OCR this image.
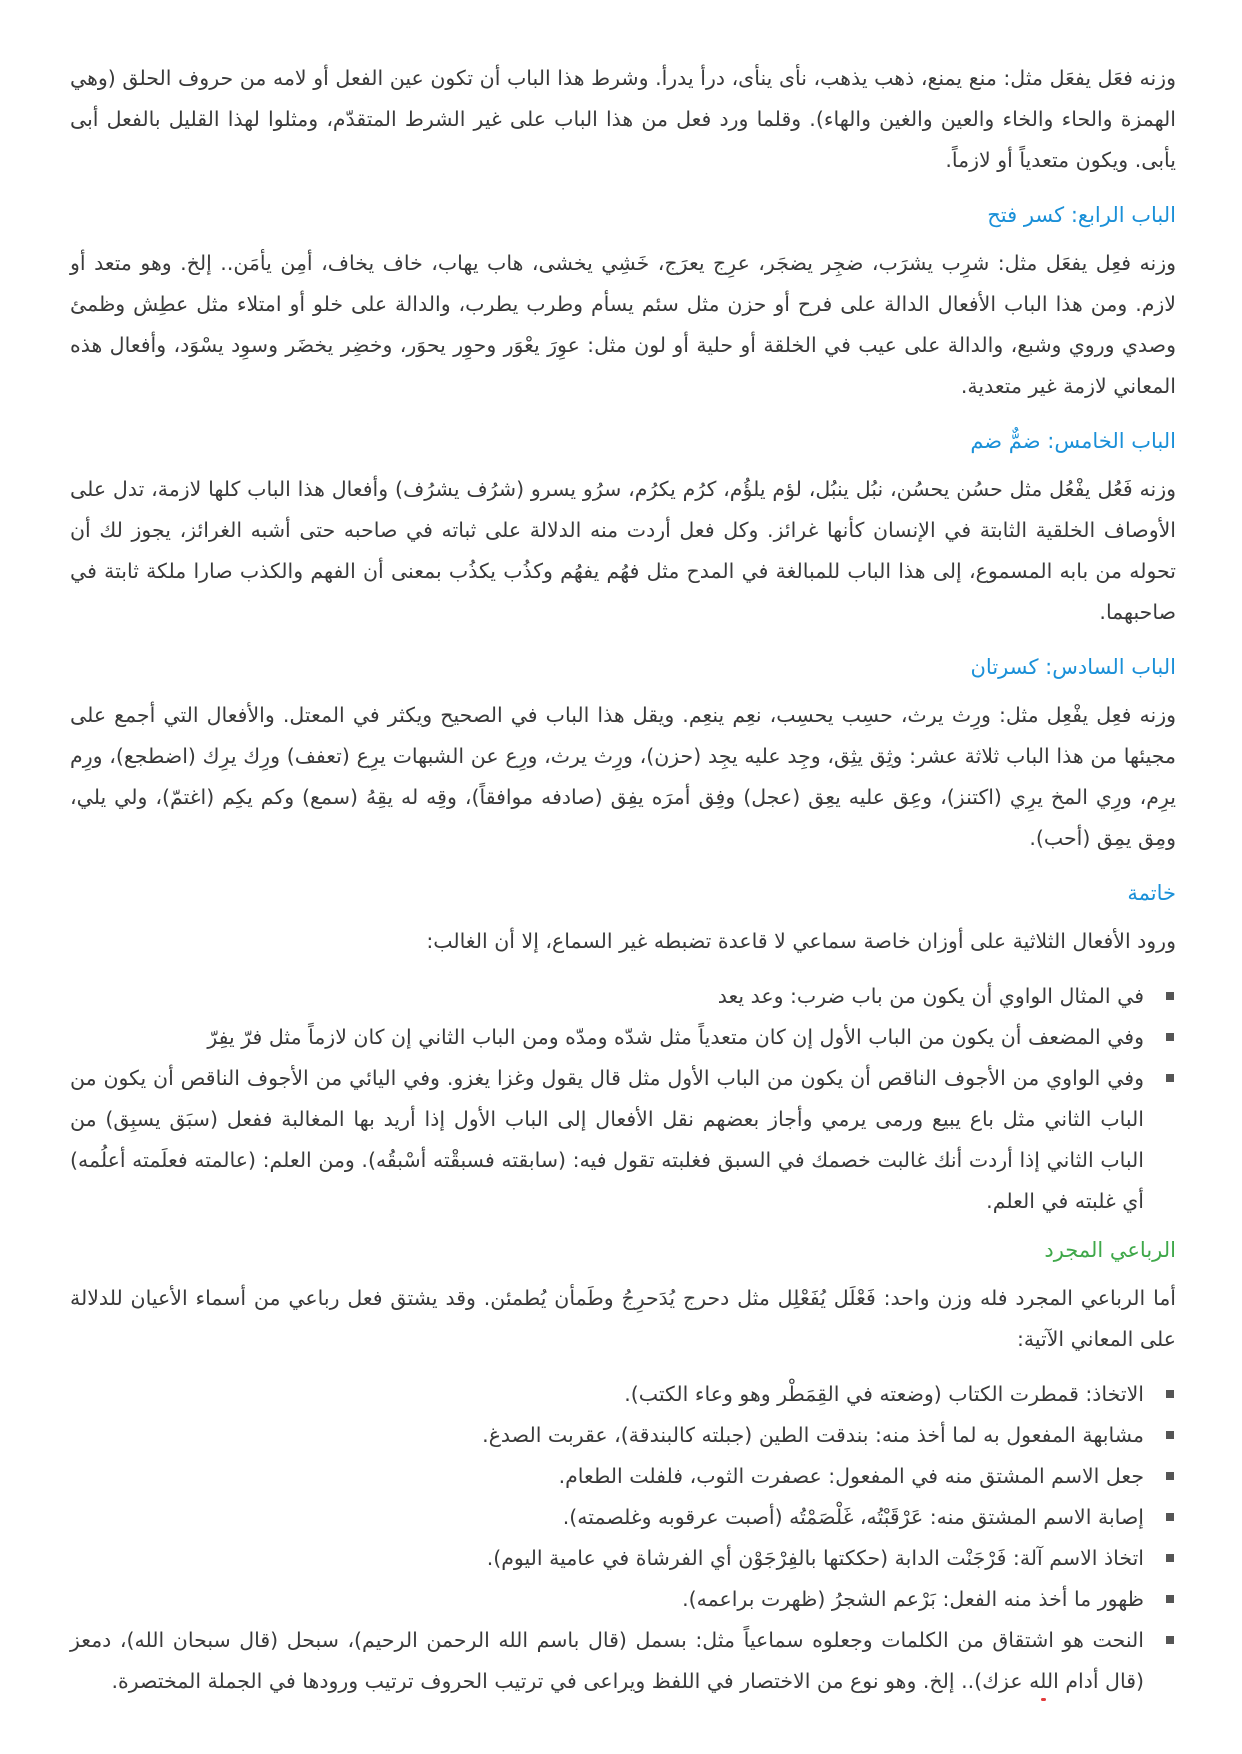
وزنه فعَل يفعَل مثل: منع يمنع، ذهب يذهب، نأى ينأى، درأ يدرأ. وشرط هذا الباب أن تكون عين الفعل أو لامه من حروف الحلق (وهي الهمزة والحاء والخاء والعين والغين والهاء). وقلما ورد فعل من هذا الباب على غير الشرط المتقدّم، ومثلوا لهذا القليل بالفعل أبى يأبى. ويكون متعدياً أو لازماً.

الباب الرابع: كسر فتح

وزنه فعِل يفعَل مثل: شرِب يشرَب، ضجِر يضجَر، عرِج يعرَج، خَشِي يخشى، هاب يهاب، خاف يخاف، أمِن يأمَن.. إلخ. وهو متعد أو لازم. ومن هذا الباب الأفعال الدالة على فرح أو حزن مثل سئم يسأم وطرب يطرب، والدالة على خلو أو امتلاء مثل عطِش وظمئ وصدي وروي وشبع، والدالة على عيب في الخلقة أو حلية أو لون مثل: عوِرَ يعْوَر وحوِر يحوَر، وخضِر يخضَر وسوِد يسْوَد، وأفعال هذه المعاني لازمة غير متعدية.

الباب الخامس: ضمٌّ ضم

وزنه فَعُل يفْعُل مثل حسُن يحسُن، نبُل ينبُل، لؤم يلؤُم، كرُم يكرُم، سرُو يسرو (شرُف يشرُف) وأفعال هذا الباب كلها لازمة، تدل على الأوصاف الخلقية الثابتة في الإنسان كأنها غرائز. وكل فعل أردت منه الدلالة على ثباته في صاحبه حتى أشبه الغرائز، يجوز لك أن تحوله من بابه المسموع، إلى هذا الباب للمبالغة في المدح مثل فهُم يفهُم وكذُب يكذُب بمعنى أن الفهم والكذب صارا ملكة ثابتة في صاحبهما.

الباب السادس: كسرتان

وزنه فعِل يفْعِل مثل: ورِث يرث، حسِب يحسِب، نعِم ينعِم. ويقل هذا الباب في الصحيح ويكثر في المعتل. والأفعال التي أجمع على مجيئها من هذا الباب ثلاثة عشر: وثِق يثِق، وجِد عليه يجِد (حزن)، ورِث يرث، ورِع عن الشبهات يرِع (تعفف) ورِك يرِك (اضطجع)، ورِم يرِم، ورِي المخ يرِي (اكتنز)، وعِق عليه يعِق (عجل) وفِق أمرَه يفِق (صادفه موافقاً)، وقِه له يقِهُ (سمع) وكم يكِم (اغتمّ)، ولي يلي، ومِق يمِق (أحب).

خاتمة

ورود الأفعال الثلاثية على أوزان خاصة سماعي لا قاعدة تضبطه غير السماع، إلا أن الغالب:

في المثال الواوي أن يكون من باب ضرب: وعد يعد
وفي المضعف أن يكون من الباب الأول إن كان متعدياً مثل شدّه ومدّه ومن الباب الثاني إن كان لازماً مثل فرّ يفِرّ
وفي الواوي من الأجوف الناقص أن يكون من الباب الأول مثل قال يقول وغزا يغزو. وفي اليائي من الأجوف الناقص أن يكون من الباب الثاني مثل باع يبيع ورمى يرمي وأجاز بعضهم نقل الأفعال إلى الباب الأول إذا أريد بها المغالبة ففعل (سبَق يسبِق) من الباب الثاني إذا أردت أنك غالبت خصمك في السبق فغلبته تقول فيه: (سابقته فسبقْته أسْبقُه). ومن العلم: (عالمته فعلَمته أعلُمه) أي غلبته في العلم.
الرباعي المجرد

أما الرباعي المجرد فله وزن واحد: فَعْلَل يُفَعْلِل مثل دحرج يُدَحرِجُ وطَمأن يُطمئن. وقد يشتق فعل رباعي من أسماء الأعيان للدلالة على المعاني الآتية:

الاتخاذ: قمطرت الكتاب (وضعته في القِمَطْر وهو وعاء الكتب).
مشابهة المفعول به لما أخذ منه: بندقت الطين (جبلته كالبندقة)، عقربت الصدغ.
جعل الاسم المشتق منه في المفعول: عصفرت الثوب، فلفلت الطعام.
إصابة الاسم المشتق منه: عَرْقَبْتُه، غَلْصَمْتُه (أصبت عرقوبه وغلصمته).
اتخاذ الاسم آلة: فَرْجَنْت الدابة (حككتها بالفِرْجَوْن أي الفرشاة في عامية اليوم).
ظهور ما أخذ منه الفعل: بَرْعم الشجرُ (ظهرت براعمه).
النحت هو اشتقاق من الكلمات وجعلوه سماعياً مثل: بسمل (قال باسم الله الرحمن الرحيم)، سبحل (قال سبحان الله)، دمعز (قال أدام الله عزك).. إلخ. وهو نوع من الاختصار في اللفظ ويراعى في ترتيب الحروف ترتيب ورودها في الجملة المختصرة.
